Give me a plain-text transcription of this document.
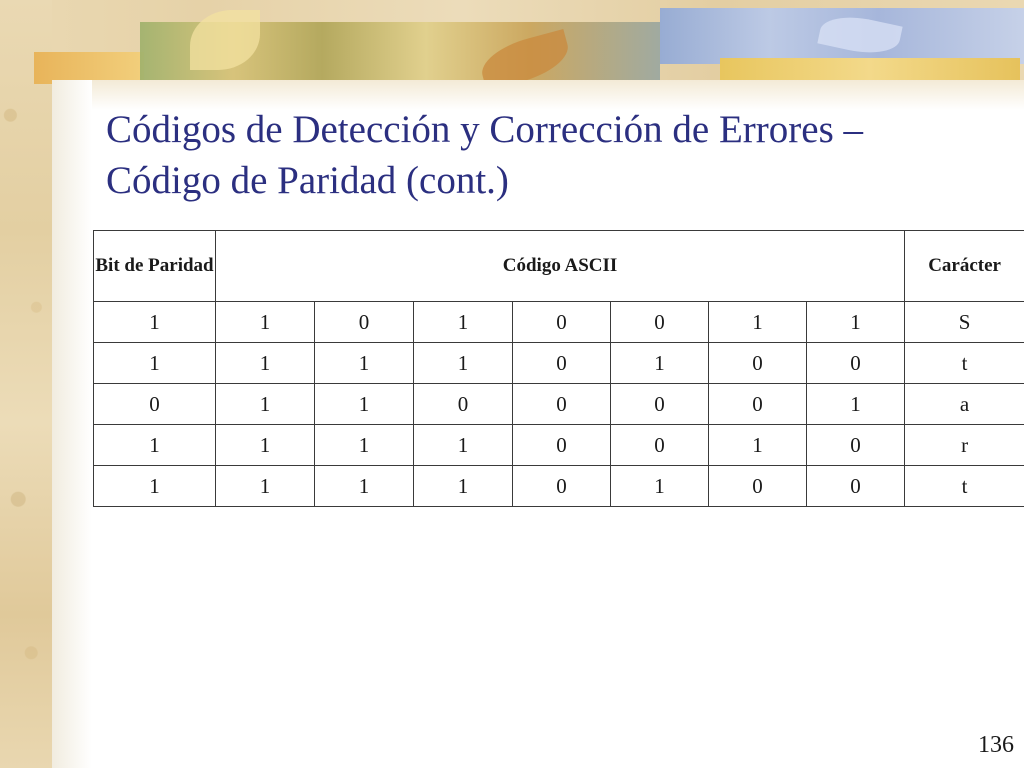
Códigos de Detección y Corrección de Errores –
Código de Paridad (cont.)
Bit de Paridad	Código ASCII							Carácter
1	1	0	1	0	0	1	1	S
1	1	1	1	0	1	0	0	t
0	1	1	0	0	0	0	1	a
1	1	1	1	0	0	1	0	r
1	1	1	1	0	1	0	0	t
136
